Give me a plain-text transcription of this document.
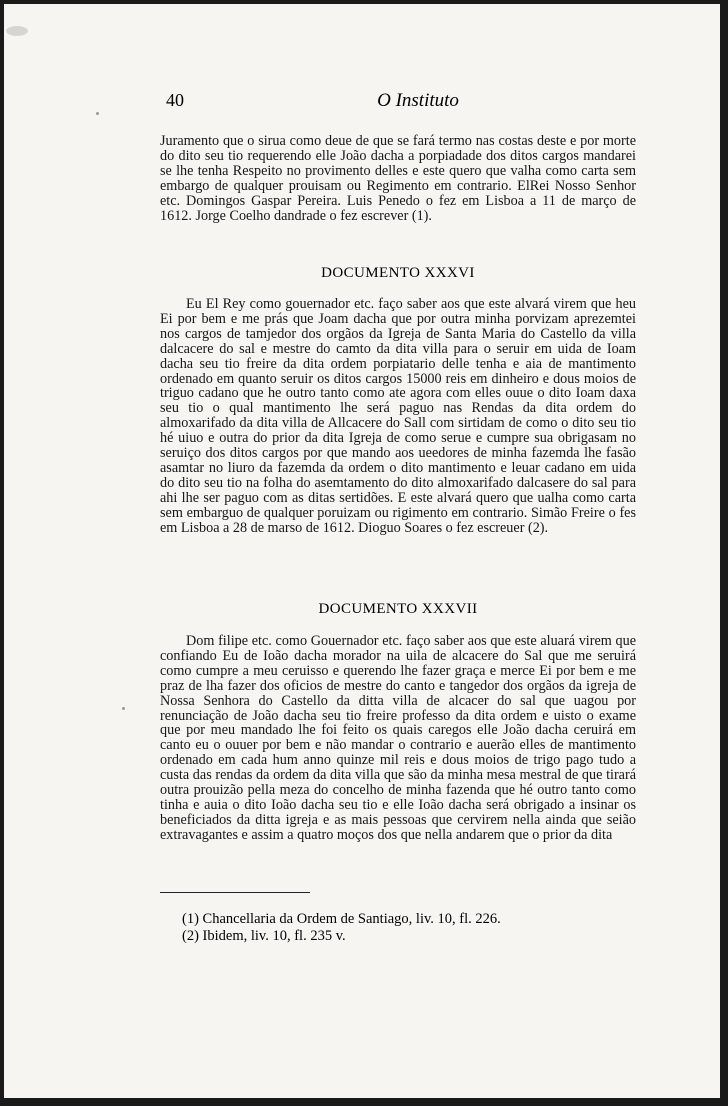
40	O Instituto

Juramento que o sirua como deue de que se fará termo nas costas deste e por morte do dito seu tio requerendo elle João dacha a porpiadade dos ditos cargos mandarei se lhe tenha Respeito no provimento delles e este quero que valha como carta sem embargo de qualquer prouisam ou Regimento em contrario. ElRei Nosso Senhor etc. Domingos Gaspar Pereira. Luis Penedo o fez em Lisboa a 11 de março de 1612. Jorge Coelho dandrade o fez escrever (1).

DOCUMENTO XXXVI

Eu El Rey como gouernador etc. faço saber aos que este alvará virem que heu Ei por bem e me prás que Joam dacha que por outra minha porvizam aprezemtei nos cargos de tamjedor dos orgãos da Igreja de Santa Maria do Castello da villa dalcacere do sal e mestre do camto da dita villa para o seruir em uida de Ioam dacha seu tio freire da dita ordem porpiatario delle tenha e aia de mantimento ordenado em quanto seruir os ditos cargos 15000 reis em dinheiro e dous moios de triguo cadano que he outro tanto como ate agora com elles ouue o dito Ioam daxa seu tio o qual mantimento lhe será paguo nas Rendas da dita ordem do almoxarifado da dita villa de Allcacere do Sall com sirtidam de como o dito seu tio hé uiuo e outra do prior da dita Igreja de como serue e cumpre sua obrigasam no seruiço dos ditos cargos por que mando aos ueedores de minha fazemda lhe fasão asamtar no liuro da fazemda da ordem o dito mantimento e leuar cadano em uida do dito seu tio na folha do asemtamento do dito almoxarifado dalcasere do sal para ahi lhe ser paguo com as ditas sertidões. E este alvará quero que ualha como carta sem embarguo de qualquer poruizam ou rigimento em contrario. Simão Freire o fes em Lisboa a 28 de marso de 1612. Dioguo Soares o fez escreuer (2).

DOCUMENTO XXXVII

Dom filipe etc. como Gouernador etc. faço saber aos que este aluará virem que confiando Eu de Ioão dacha morador na uila de alcacere do Sal que me seruirá como cumpre a meu ceruisso e querendo lhe fazer graça e merce Ei por bem e me praz de lha fazer dos oficios de mestre do canto e tangedor dos orgãos da igreja de Nossa Senhora do Castello da ditta villa de alcacer do sal que uagou por renunciação de João dacha seu tio freire professo da dita ordem e uisto o exame que por meu mandado lhe foi feito os quais caregos elle João dacha ceruirá em canto eu o ouuer por bem e não mandar o contrario e auerão elles de mantimento ordenado em cada hum anno quinze mil reis e dous moios de trigo pago tudo a custa das rendas da ordem da dita villa que são da minha mesa mestral de que tirará outra prouizão pella meza do concelho de minha fazenda que hé outro tanto como tinha e auia o dito Ioão dacha seu tio e elle Ioão dacha será obrigado a insinar os beneficiados da ditta igreja e as mais pessoas que cervirem nella ainda que seião extravagantes e assim a quatro moços dos que nella andarem que o prior da dita

(1) Chancellaria da Ordem de Santiago, liv. 10, fl. 226.
(2) Ibidem, liv. 10, fl. 235 v.
